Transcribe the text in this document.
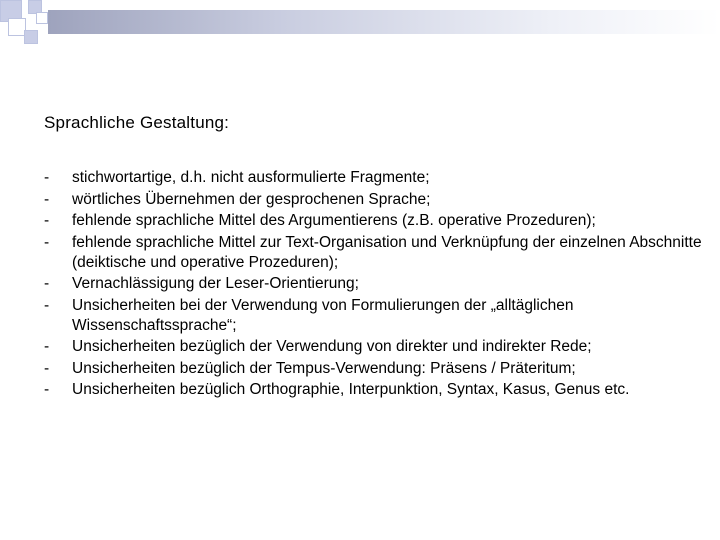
Sprachliche Gestaltung:
-	stichwortartige, d.h. nicht ausformulierte Fragmente;
-	wörtliches Übernehmen der gesprochenen Sprache;
-	fehlende sprachliche Mittel des Argumentierens (z.B. operative Prozeduren);
-	fehlende sprachliche Mittel zur Text-Organisation und Verknüpfung der einzelnen Abschnitte (deiktische und operative Prozeduren);
-	Vernachlässigung der Leser-Orientierung;
-	Unsicherheiten bei der Verwendung von Formulierungen der „alltäglichen Wissenschaftssprache“;
-	Unsicherheiten bezüglich der Verwendung von direkter und indirekter Rede;
-	Unsicherheiten bezüglich der Tempus-Verwendung: Präsens / Präteritum;
-	Unsicherheiten bezüglich Orthographie, Interpunktion, Syntax, Kasus, Genus etc.
